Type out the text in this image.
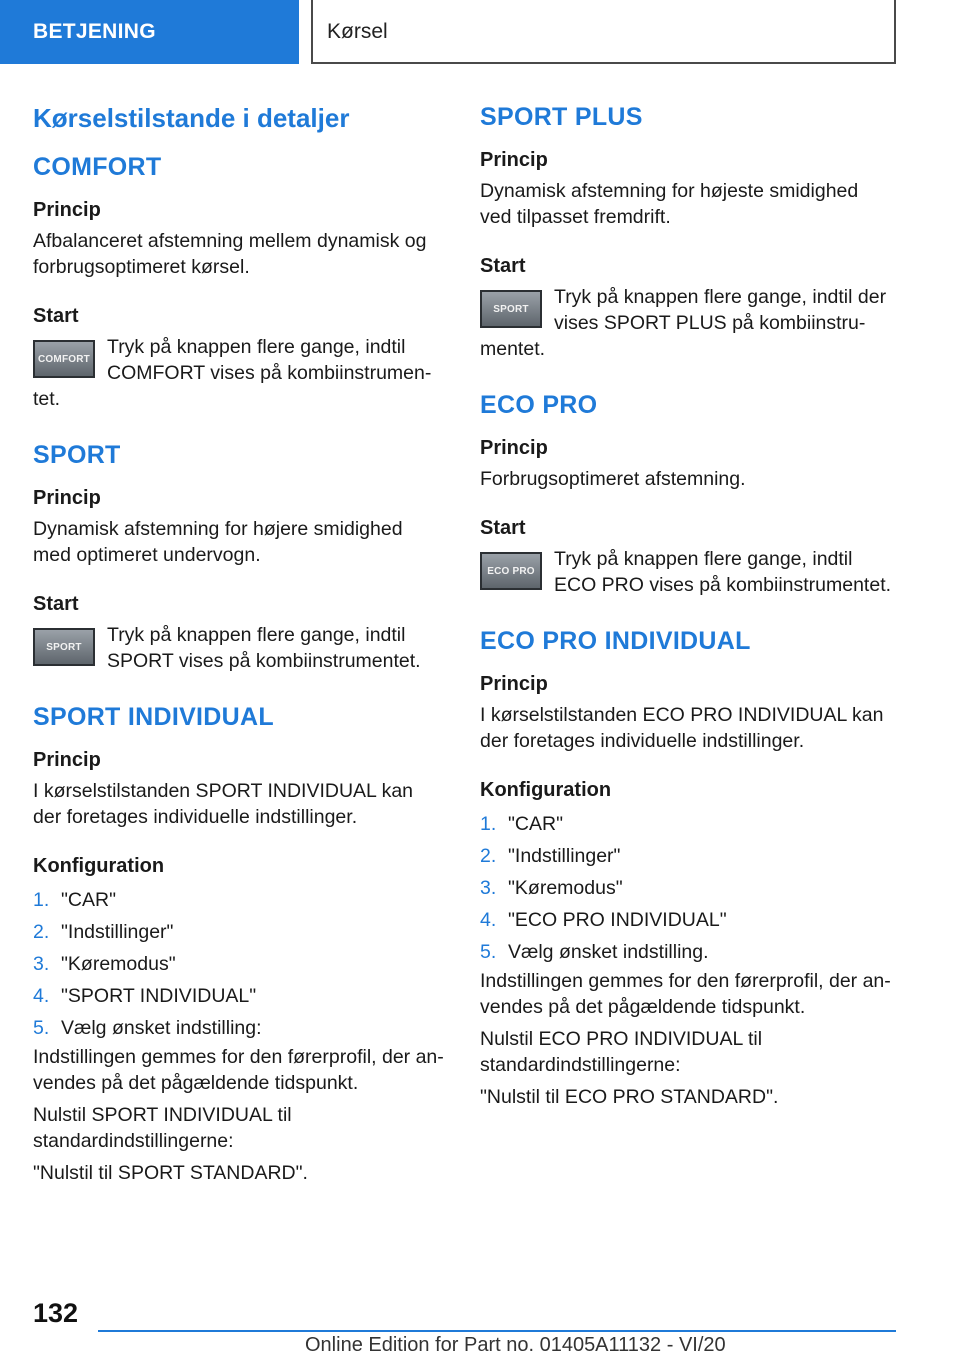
BETJENING	Kørsel
Kørselstilstande i detaljer
COMFORT
Princip

Afbalanceret afstemning mellem dynamisk og forbrugsoptimeret kørsel.

Start
COMFORT

Tryk på knappen flere gange, indtil COMFORT vises på kombiinstrumentet.

SPORT
Princip

Dynamisk afstemning for højere smidighed med optimeret undervogn.

Start
SPORT

Tryk på knappen flere gange, indtil SPORT vises på kombiinstrumentet.

SPORT INDIVIDUAL
Princip

I kørselstilstanden SPORT INDIVIDUAL kan der foretages individuelle indstillinger.

Konfiguration
1. "CAR"
2. "Indstillinger"
3. "Køremodus"
4. "SPORT INDIVIDUAL"
5. Vælg ønsket indstilling:

Indstillingen gemmes for den førerprofil, der anvendes på det pågældende tidspunkt.

Nulstil SPORT INDIVIDUAL til standardindstillingerne:

"Nulstil til SPORT STANDARD".

SPORT PLUS
Princip

Dynamisk afstemning for højeste smidighed ved tilpasset fremdrift.

Start
SPORT

Tryk på knappen flere gange, indtil der vises SPORT PLUS på kombiinstrumentet.

ECO PRO
Princip

Forbrugsoptimeret afstemning.

Start
ECO PRO

Tryk på knappen flere gange, indtil ECO PRO vises på kombiinstrumentet.

ECO PRO INDIVIDUAL
Princip

I kørselstilstanden ECO PRO INDIVIDUAL kan der foretages individuelle indstillinger.

Konfiguration
1. "CAR"
2. "Indstillinger"
3. "Køremodus"
4. "ECO PRO INDIVIDUAL"
5. Vælg ønsket indstilling.

Indstillingen gemmes for den førerprofil, der anvendes på det pågældende tidspunkt.

Nulstil ECO PRO INDIVIDUAL til standardindstillingerne:

"Nulstil til ECO PRO STANDARD".

132
Online Edition for Part no. 01405A11132 - VI/20
